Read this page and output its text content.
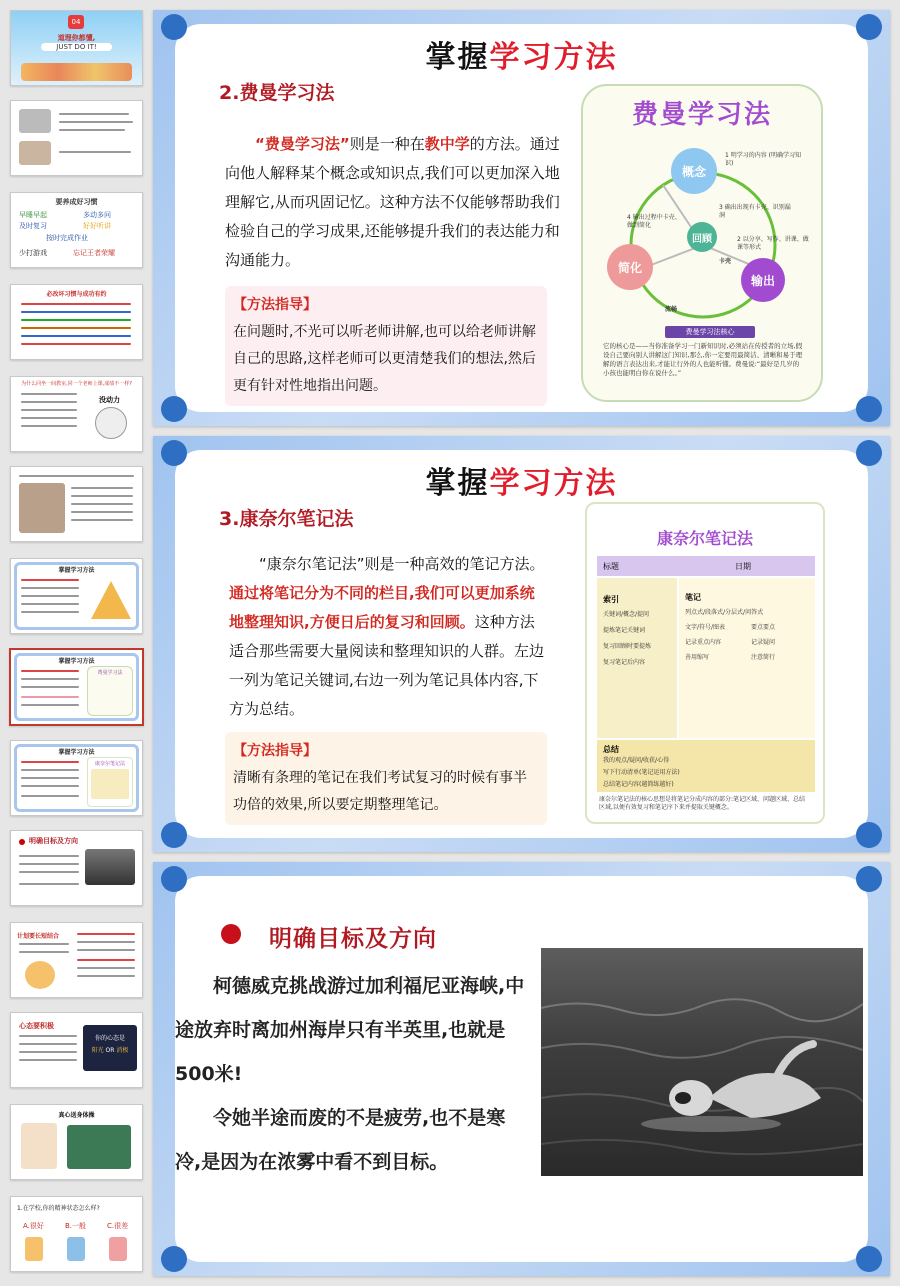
04
道理你都懂,
JUST DO IT!
要养成好习惯
早睡早起	多动多问
及时复习	好好听讲
按时完成作业
少打游戏	忘记王者荣耀
必改坏习惯与成功有约
为什么同坐一间教室,同一个老师上课,成绩不一样?
没动力
掌握学习方法
掌握学习方法
费曼学习法
掌握学习方法
康奈尔笔记法
明确目标及方向
计划要长短结合
心态要积极
你的心态是
阳光 OR 消极
真心送身体操
1.在学校,你的精神状态怎么样?
A.很好	B.一般	C.很差
掌握学习方法
2.费曼学习法
“费曼学习法”则是一种在教中学的方法。通过向他人解释某个概念或知识点,我们可以更加深入地理解它,从而巩固记忆。这种方法不仅能够帮助我们检验自己的学习成果,还能够提升我们的表达能力和沟通能力。
【方法指导】
在问题时,不光可以听老师讲解,也可以给老师讲解自己的思路,这样老师可以更清楚我们的想法,然后更有针对性地指出问题。
费曼学习法
概念
回顾
简化
输出
1 明学习的内容 (明确学习知识)
2 以分享、写作、讲课、做课等形式
3 确出出现有卡壳、识别漏洞
4 输出过程中卡壳、做到简化
卡壳
流畅
费曼学习法核心
它的核心是——当你准备学习一门新知识时,必须站在传授者的立场,假设自己要向别人讲解这门知识,那么,你一定要用最简洁、清晰和易于理解的语言表达出来,才能让行外的人也能听懂。费曼说:“最好是几岁的小孩也能明白你在说什么。”
掌握学习方法
3.康奈尔笔记法
“康奈尔笔记法”则是一种高效的笔记方法。通过将笔记分为不同的栏目,我们可以更加系统地整理知识,方便日后的复习和回顾。这种方法适合那些需要大量阅读和整理知识的人群。左边一列为笔记关键词,右边一列为笔记具体内容,下方为总结。
【方法指导】
清晰有条理的笔记在我们考试复习的时候有事半功倍的效果,所以要定期整理笔记。
康奈尔笔记法
标题	日期
索引
关键词/概念/提问
提炼笔记关键词
复习回顾时要提炼
复习笔记后内容
笔记
列点式/段落式/分层式/问答式
文字/符号/图表	要点要点
记录重点内容	记录疑问
善用缩写	注意简行
总结
我的观点/疑问/收获/心得
写下行动清单(笔记运用方法)
总结笔记内容(越简练越好)
康奈尔笔记法的核心思想是将笔记分成内容的部分:笔记区域、问题区域、总结区域,以便有效复习和笔记序下来并提取关键概念。
明确目标及方向
柯德威克挑战游过加利福尼亚海峡,中途放弃时离加州海岸只有半英里,也就是500米!
令她半途而废的不是疲劳,也不是寒冷,是因为在浓雾中看不到目标。
